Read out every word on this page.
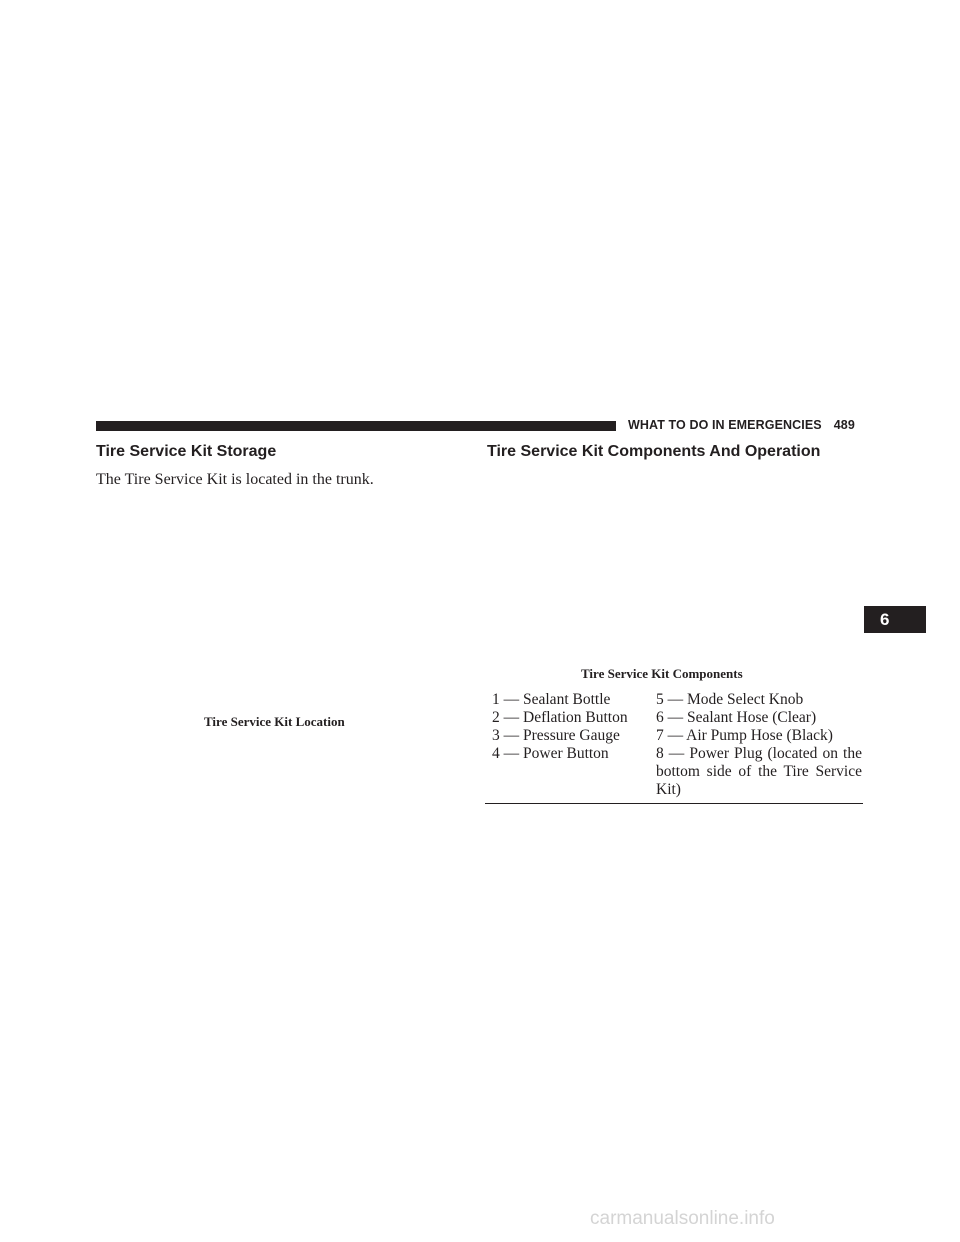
WHAT TO DO IN EMERGENCIES 489
Tire Service Kit Storage
The Tire Service Kit is located in the trunk.
Tire Service Kit Location
Tire Service Kit Components And Operation
Tire Service Kit Components
1 — Sealant Bottle	5 — Mode Select Knob
2 — Deflation Button	6 — Sealant Hose (Clear)
3 — Pressure Gauge	7 — Air Pump Hose (Black)
4 — Power Button	8 — Power Plug (located on the bottom side of the Tire Service Kit)
6
carmanualsonline.info
